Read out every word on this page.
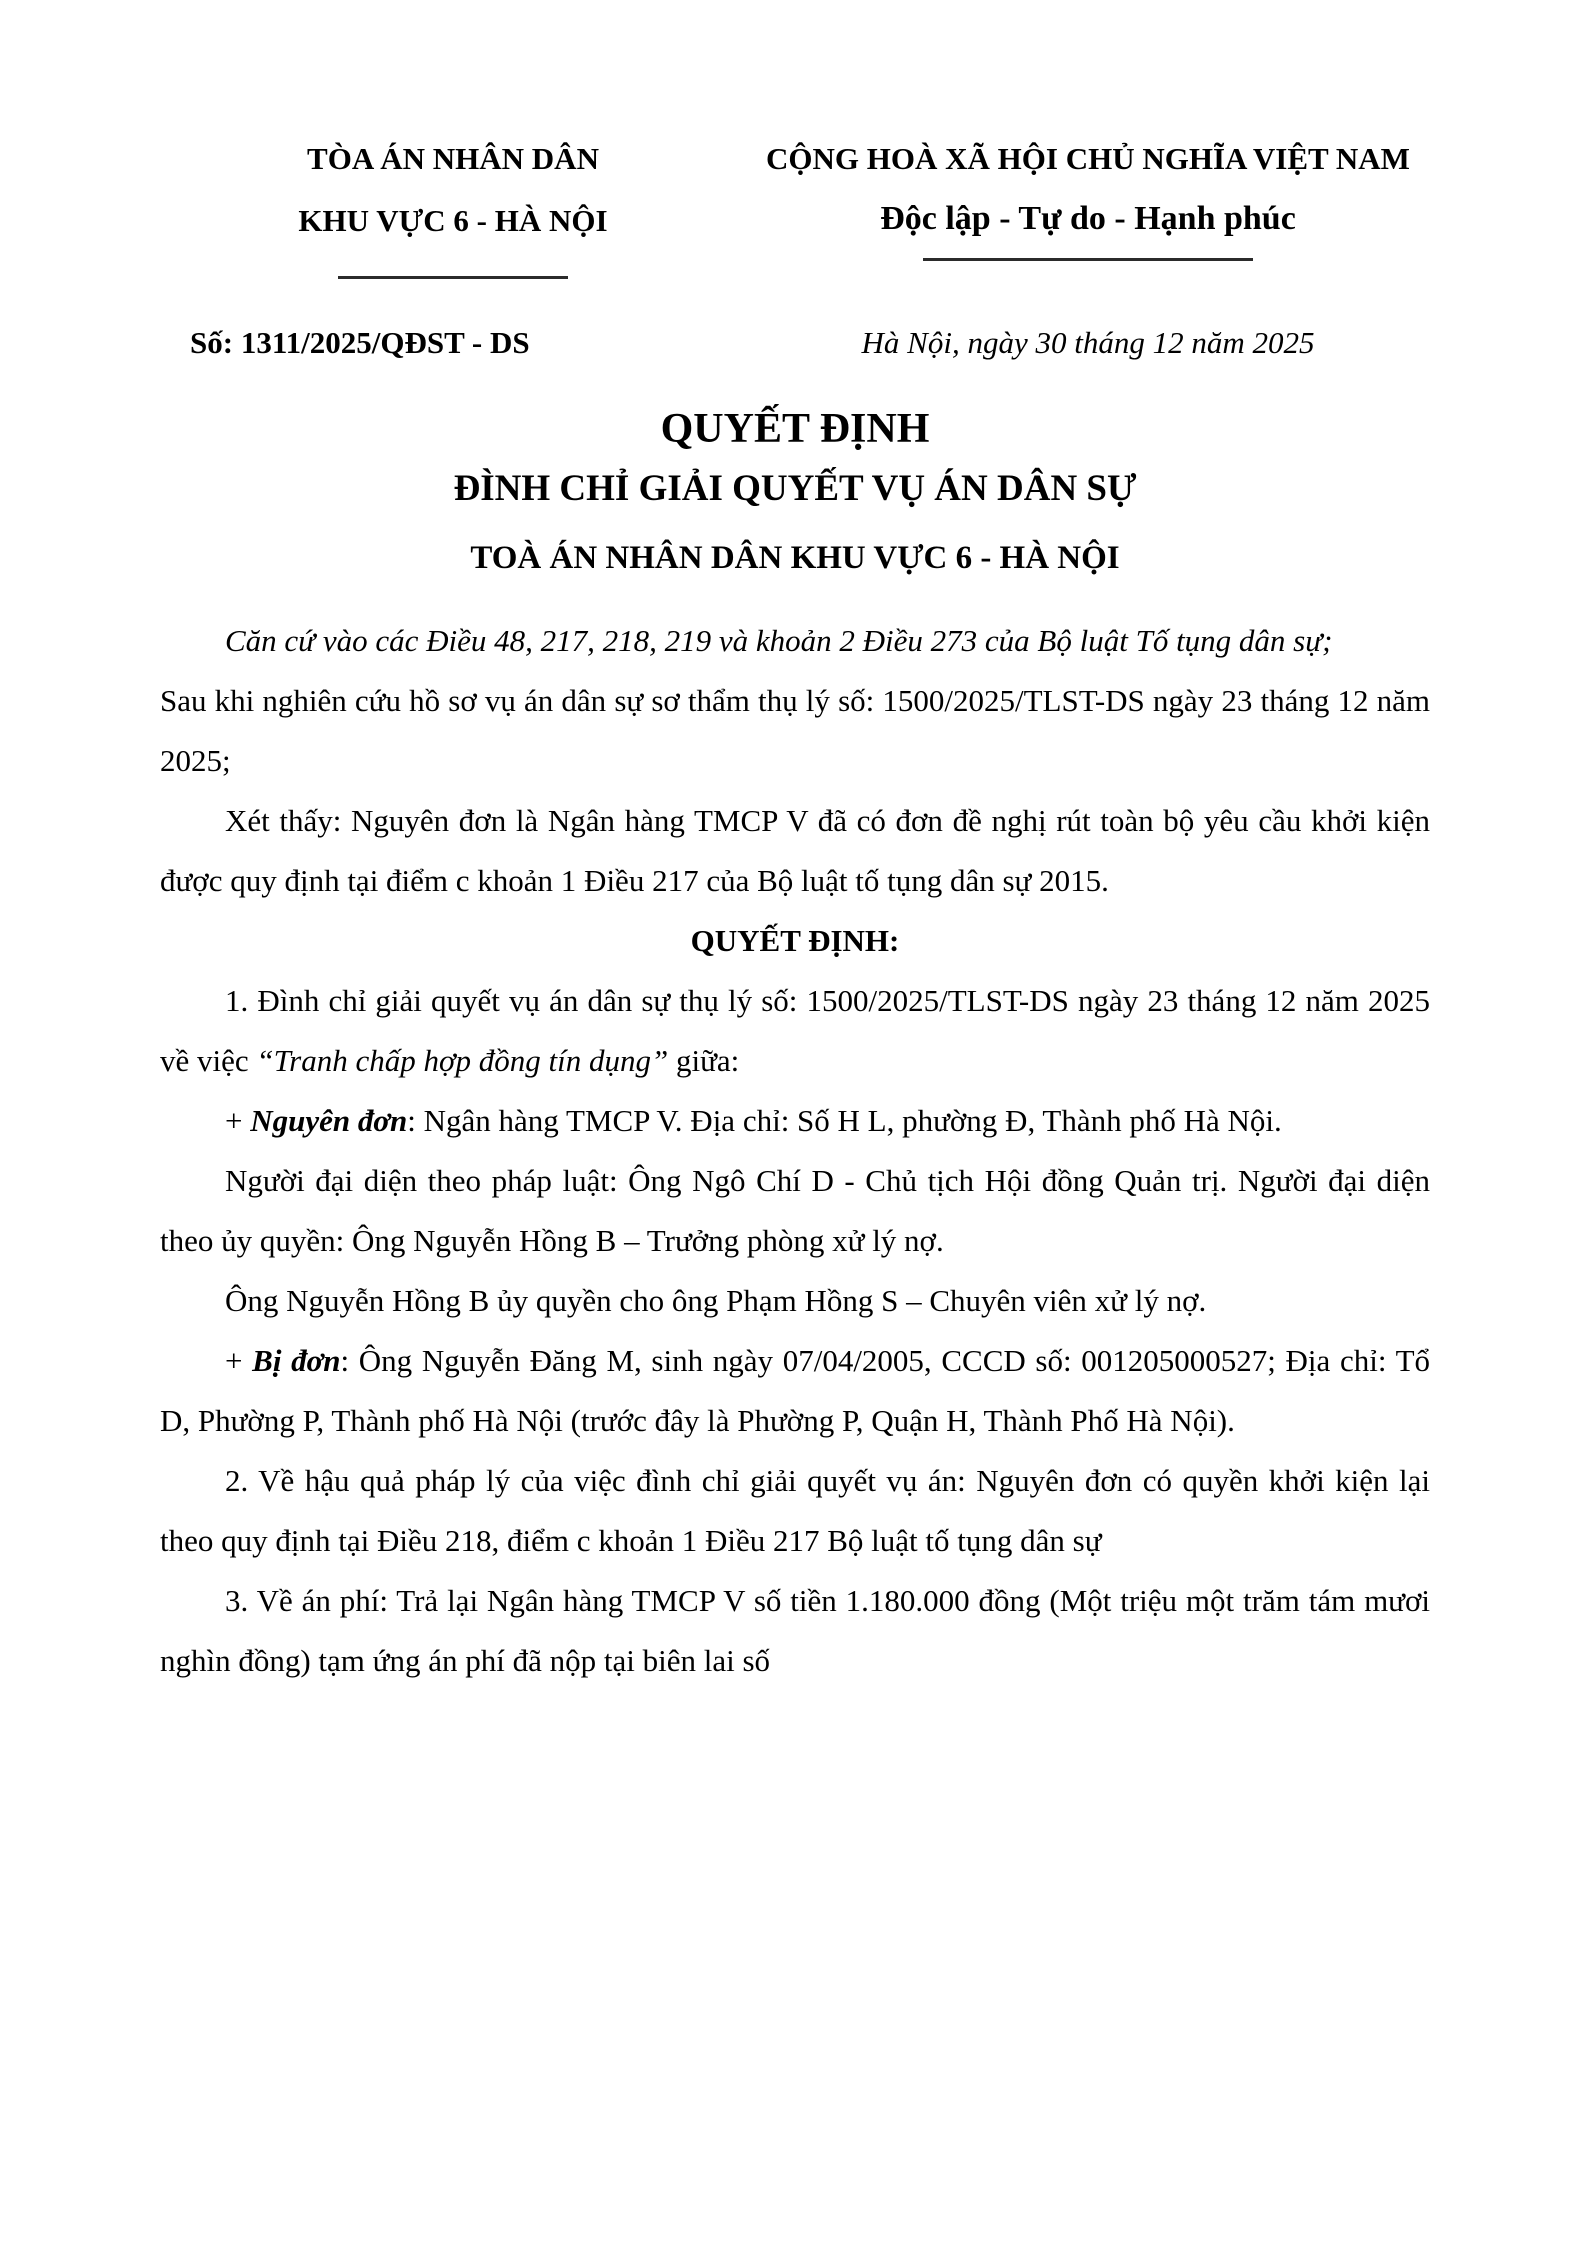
TÒA ÁN NHÂN DÂN
KHU VỰC 6 - HÀ NỘI
CỘNG HOÀ XÃ HỘI CHỦ NGHĨA VIỆT NAM
Độc lập - Tự do - Hạnh phúc
Số: 1311/2025/QĐST - DS	Hà Nội, ngày 30 tháng 12 năm 2025
QUYẾT ĐỊNH
ĐÌNH CHỈ GIẢI QUYẾT VỤ ÁN DÂN SỰ
TOÀ ÁN NHÂN DÂN KHU VỰC 6 - HÀ NỘI

Căn cứ vào các Điều 48, 217, 218, 219 và khoản 2 Điều 273 của Bộ luật Tố tụng dân sự;

Sau khi nghiên cứu hồ sơ vụ án dân sự sơ thẩm thụ lý số: 1500/2025/TLST-DS ngày 23 tháng 12 năm 2025;

Xét thấy: Nguyên đơn là Ngân hàng TMCP V đã có đơn đề nghị rút toàn bộ yêu cầu khởi kiện được quy định tại điểm c khoản 1 Điều 217 của Bộ luật tố tụng dân sự 2015.

QUYẾT ĐỊNH:

1. Đình chỉ giải quyết vụ án dân sự thụ lý số: 1500/2025/TLST-DS ngày 23 tháng 12 năm 2025 về việc “Tranh chấp hợp đồng tín dụng” giữa:

+ Nguyên đơn: Ngân hàng TMCP V. Địa chỉ: Số H L, phường Đ, Thành phố Hà Nội.

Người đại diện theo pháp luật: Ông Ngô Chí D - Chủ tịch Hội đồng Quản trị. Người đại diện theo ủy quyền: Ông Nguyễn Hồng B – Trưởng phòng xử lý nợ.

Ông Nguyễn Hồng B ủy quyền cho ông Phạm Hồng S – Chuyên viên xử lý nợ.

+ Bị đơn: Ông Nguyễn Đăng M, sinh ngày 07/04/2005, CCCD số: 001205000527; Địa chỉ: Tổ D, Phường P, Thành phố Hà Nội (trước đây là Phường P, Quận H, Thành Phố Hà Nội).

2. Về hậu quả pháp lý của việc đình chỉ giải quyết vụ án: Nguyên đơn có quyền khởi kiện lại theo quy định tại Điều 218, điểm c khoản 1 Điều 217 Bộ luật tố tụng dân sự

3. Về án phí: Trả lại Ngân hàng TMCP V số tiền 1.180.000 đồng (Một triệu một trăm tám mươi nghìn đồng) tạm ứng án phí đã nộp tại biên lai số
